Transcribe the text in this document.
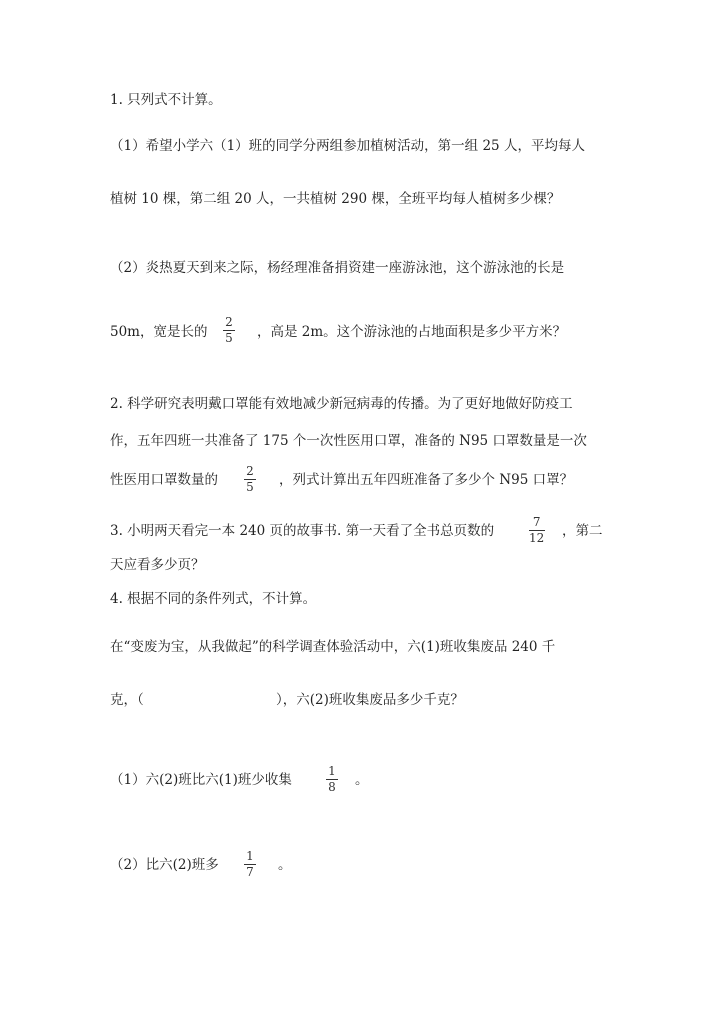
1. 只列式不计算。
（1）希望小学六（1）班的同学分两组参加植树活动，第一组 25 人，平均每人
植树 10 棵，第二组 20 人，一共植树 290 棵，全班平均每人植树多少棵？
（2）炎热夏天到来之际，杨经理准备捐资建一座游泳池，这个游泳池的长是
50m，宽是长的
2
5 ，高是 2m。这个游泳池的占地面积是多少平方米？
2. 科学研究表明戴口罩能有效地减少新冠病毒的传播。为了更好地做好防疫工
作，五年四班一共准备了 175 个一次性医用口罩，准备的 N95 口罩数量是一次
性医用口罩数量的
2
5 ，列式计算出五年四班准备了多少个 N95 口罩？
3. 小明两天看完一本 240 页的故事书. 第一天看了全书总页数的
7
12 ，第二
天应看多少页？
4. 根据不同的条件列式，不计算。
在“变废为宝，从我做起”的科学调查体验活动中，六(1)班收集废品 240 千
克，（	），六(2)班收集废品多少千克？
（1）六(2)班比六(1)班少收集
1
8 。
（2）比六(2)班多
1
7 。
